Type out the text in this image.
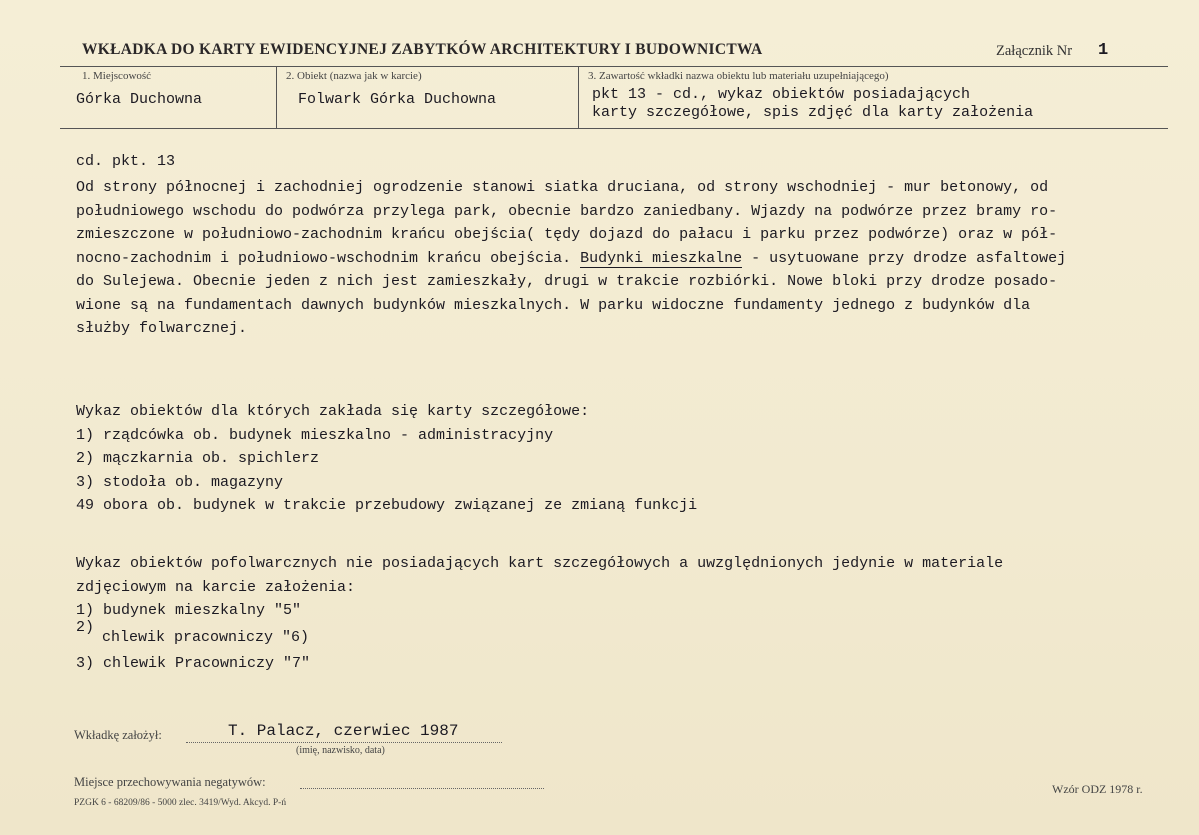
WKŁADKA DO KARTY EWIDENCYJNEJ ZABYTKÓW ARCHITEKTURY I BUDOWNICTWA	Załącznik Nr 1
1. Miejscowość
Górka Duchowna
2. Obiekt (nazwa jak w karcie)
Folwark Górka Duchowna
3. Zawartość wkładki nazwa obiektu lub materiału uzupełniającego)
pkt 13 - cd., wykaz obiektów posiadających
karty szczegółowe, spis zdjęć dla karty założenia
cd. pkt. 13
Od strony północnej i zachodniej ogrodzenie stanowi siatka druciana, od strony wschodniej - mur betonowy, od
południowego wschodu do podwórza przylega park, obecnie bardzo zaniedbany. Wjazdy na podwórze przez bramy ro-
zmieszczone w południowo-zachodnim krańcu obejścia( tędy dojazd do pałacu i parku przez podwórze) oraz w pół-
nocno-zachodnim i południowo-wschodnim krańcu obejścia. Budynki mieszkalne - usytuowane przy drodze asfaltowej
do Sulejewa. Obecnie jeden z nich jest zamieszkały, drugi w trakcie rozbiórki. Nowe bloki przy drodze posado-
wione są na fundamentach dawnych budynków mieszkalnych. W parku widoczne fundamenty jednego z budynków dla
służby folwarcznej.
Wykaz obiektów dla których zakłada się karty szczegółowe:
1) rządcówka ob. budynek mieszkalno - administracyjny
2) mączkarnia ob. spichlerz
3) stodoła ob. magazyny
49 obora ob. budynek w trakcie przebudowy związanej ze zmianą funkcji
Wykaz obiektów pofolwarcznych nie posiadających kart szczegółowych a uwzględnionych jedynie w materiale
zdjęciowym na karcie założenia:
1) budynek mieszkalny "5"
2)
chlewik pracowniczy "6)
3) chlewik Pracowniczy "7"
Wkładkę założył:	T. Palacz, czerwiec 1987
(imię, nazwisko, data)
Miejsce przechowywania negatywów:	Wzór ODZ 1978 r.
PZGK 6 - 68209/86 - 5000 zlec. 3419/Wyd. Akcyd. P-ń
